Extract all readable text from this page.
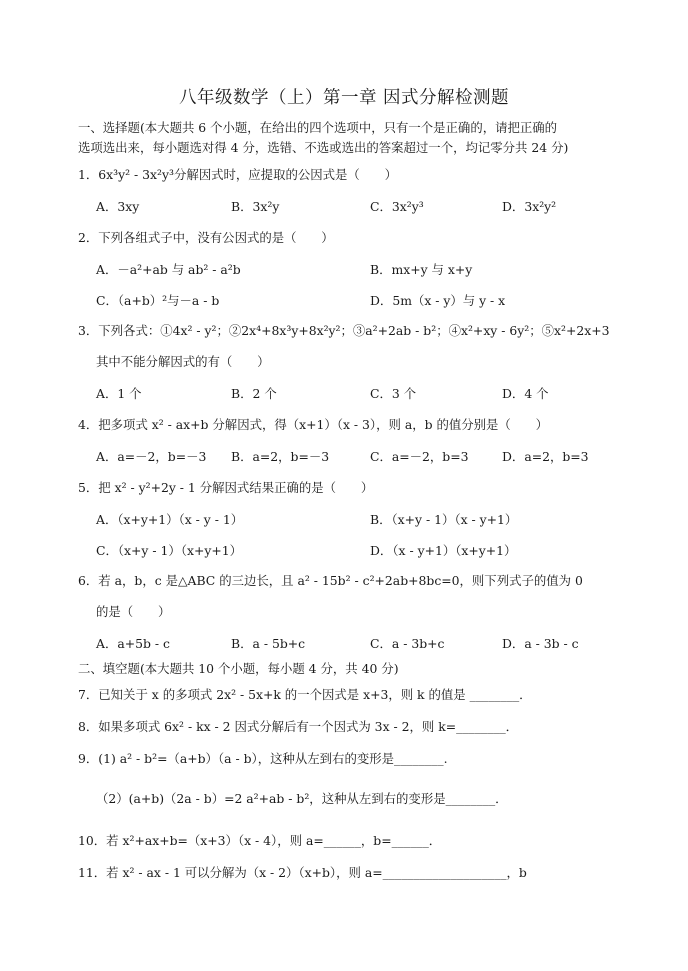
八年级数学（上）第一章 因式分解检测题
一、选择题(本大题共 6 个小题，在给出的四个选项中，只有一个是正确的，请把正确的
选项选出来，每小题选对得 4 分，选错、不选或选出的答案超过一个，均记零分共 24 分)
1．6x³y² - 3x²y³分解因式时，应提取的公因式是（　　）
A．3xy	B．3x²y	C．3x²y³	D．3x²y²
2．下列各组式子中，没有公因式的是（　　）
A．－a²+ab 与 ab² - a²b	B．mx+y 与 x+y
C．（a+b）²与－a - b	D．5m（x - y）与 y - x
3．下列各式：①4x² - y²；②2x⁴+8x³y+8x²y²；③a²+2ab - b²；④x²+xy - 6y²；⑤x²+2x+3
其中不能分解因式的有（　　）
A．1 个	B．2 个	C．3 个	D．4 个
4．把多项式 x² - ax+b 分解因式，得（x+1）（x - 3），则 a，b 的值分别是（　　）
A．a=－2，b=－3 B．a=2，b=－3	C．a=－2，b=3	D．a=2，b=3
5．把 x² - y²+2y - 1 分解因式结果正确的是（　　）
A．（x+y+1）（x - y - 1）	B．（x+y - 1）（x - y+1）
C．（x+y - 1）（x+y+1）	D．（x - y+1）（x+y+1）
6．若 a，b，c 是△ABC 的三边长，且 a² - 15b² - c²+2ab+8bc=0，则下列式子的值为 0
的是（　　）
A．a+5b - c	B．a - 5b+c	C．a - 3b+c	D．a - 3b - c
二、填空题(本大题共 10 个小题，每小题 4 分，共 40 分)
7．已知关于 x 的多项式 2x² - 5x+k 的一个因式是 x+3，则 k 的值是 ________．
8．如果多项式 6x² - kx - 2 因式分解后有一个因式为 3x - 2，则 k=________．
9．(1) a² - b²=（a+b）（a - b），这种从左到右的变形是________.
（2）(a+b)（2a - b）=2 a²+ab - b²，这种从左到右的变形是________．
10．若 x²+ax+b=（x+3）（x - 4），则 a=______，b=______．
11．若 x² - ax - 1 可以分解为（x - 2）（x+b），则 a=____________________，b
